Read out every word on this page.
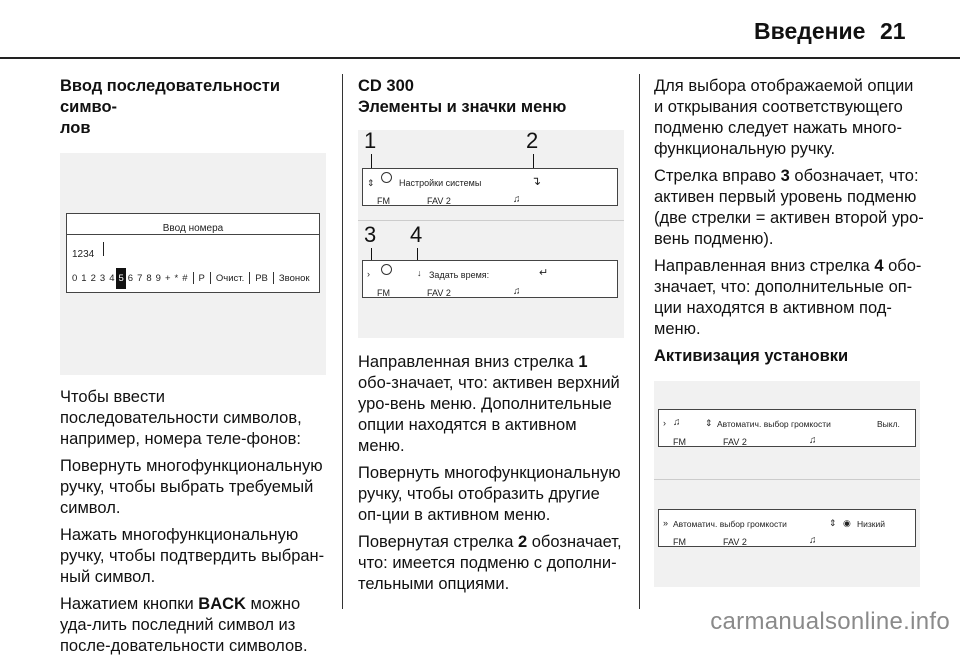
Введение 21
Ввод последовательности симво-
лов
Ввод номера
1234
0 1 2 3 4 5 6 7 8 9 + * # P Очист. PB Звонок

Чтобы ввести последовательности символов, например, номера теле-фонов:

Повернуть многофункциональную ручку, чтобы выбрать требуемый символ.

Нажать многофункциональную ручку, чтобы подтвердить выбран-ный символ.

Нажатием кнопки BACK можно уда-лить последний символ из после-довательности символов.

CD 300
Элементы и значки меню
1	2
⇕	Настройки системы	↴
FM	FAV 2	♫
3 4
›	↓ Задать время:	↵
FM	FAV 2	♫

Направленная вниз стрелка 1 обо-значает, что: активен верхний уро-вень меню. Дополнительные опции находятся в активном меню.

Повернуть многофункциональную ручку, чтобы отобразить другие оп-ции в активном меню.

Повернутая стрелка 2 обозначает, что: имеется подменю с дополни-тельными опциями.

Для выбора отображаемой опции и открывания соответствующего подменю следует нажать много-функциональную ручку.

Стрелка вправо 3 обозначает, что: активен первый уровень подменю (две стрелки = активен второй уро-вень подменю).

Направленная вниз стрелка 4 обо-значает, что: дополнительные оп-ции находятся в активном под-меню.

Активизация установки
› ♫	⇕ Автоматич. выбор громкости	Выкл.
FM	FAV 2	♫
» Автоматич. выбор громкости	⇕ ◉ Низкий
FM	FAV 2	♫
carmanualsonline.info
